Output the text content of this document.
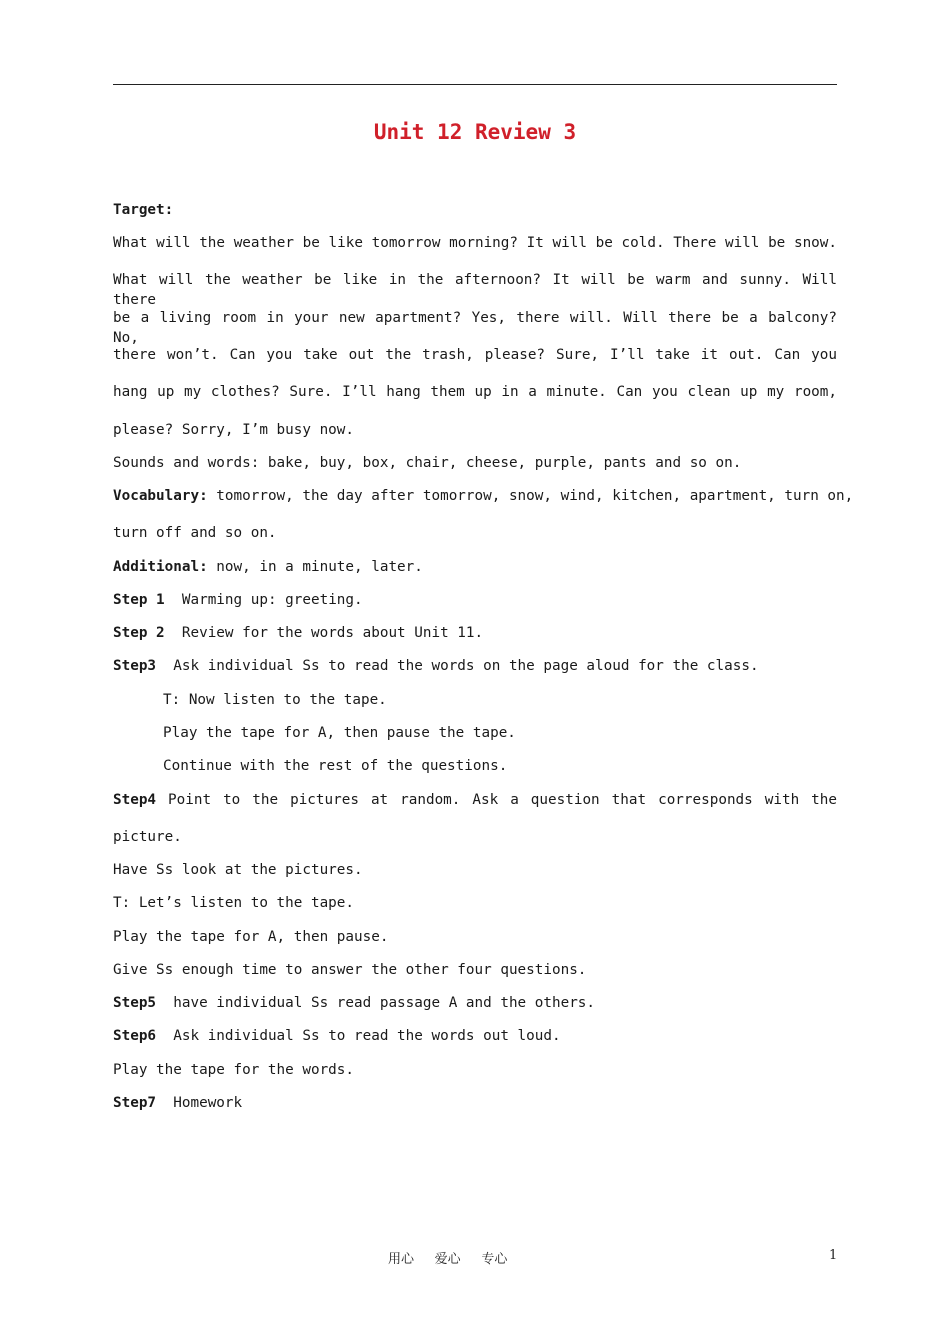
Unit 12 Review 3
Target:
What will the weather be like tomorrow morning? It will be cold. There will be snow.
What will the weather be like in the afternoon? It will be warm and sunny. Will there
be a living room in your new apartment? Yes, there will. Will there be a balcony? No,
there won’t. Can you take out the trash, please? Sure, I’ll take it out. Can you
hang up my clothes? Sure. I’ll hang them up in a minute. Can you clean up my room,
please? Sorry, I’m busy now.
Sounds and words: bake, buy, box, chair, cheese, purple, pants and so on.
Vocabulary: tomorrow, the day after tomorrow, snow, wind, kitchen, apartment, turn on,
turn off and so on.
Additional: now, in a minute, later.
Step 1  Warming up: greeting.
Step 2  Review for the words about Unit 11.
Step3  Ask individual Ss to read the words on the page aloud for the class.
T: Now listen to the tape.
Play the tape for A, then pause the tape.
Continue with the rest of the questions.
Step4 Point to the pictures at random. Ask a question that corresponds with the
picture.
Have Ss look at the pictures.
T: Let’s listen to the tape.
Play the tape for A, then pause.
Give Ss enough time to answer the other four questions.
Step5  have individual Ss read passage A and the others.
Step6  Ask individual Ss to read the words out loud.
Play the tape for the words.
Step7  Homework
用心     爱心     专心	1
